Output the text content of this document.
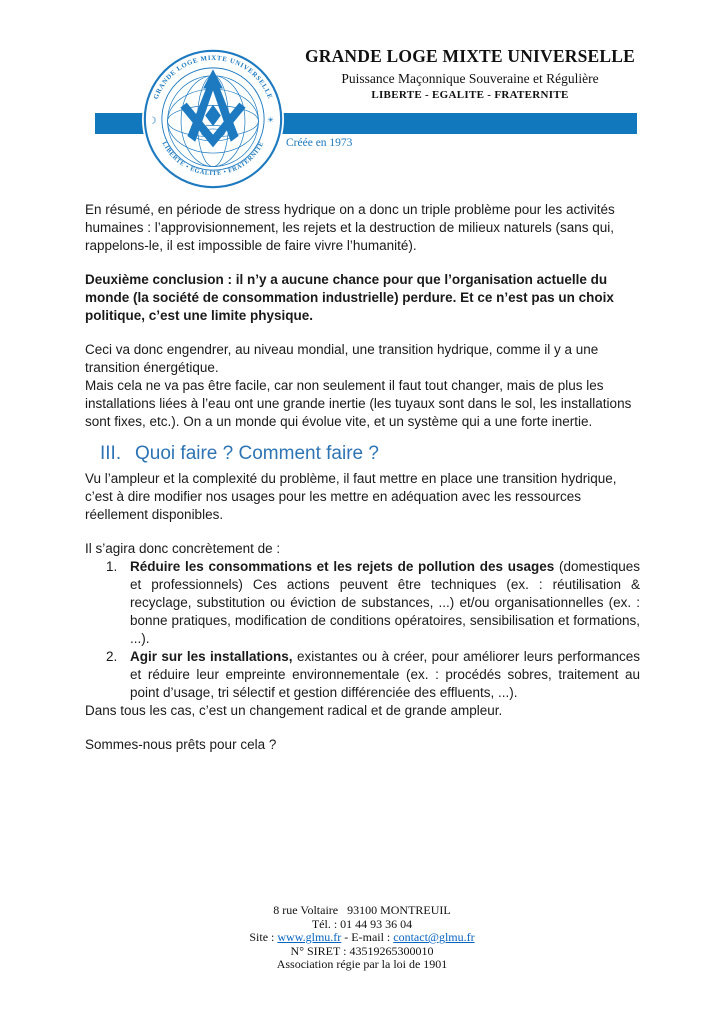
GRANDE LOGE MIXTE UNIVERSELLE
LIBERTE • EGALITE • FRATERNITE
☽	☀
GRANDE LOGE MIXTE UNIVERSELLE
Puissance Maçonnique Souveraine et Régulière
LIBERTE - EGALITE - FRATERNITE
Créée en 1973

En résumé, en période de stress hydrique on a donc un triple problème pour les activités humaines : l’approvisionnement, les rejets et la destruction de milieux naturels (sans qui, rappelons-le, il est impossible de faire vivre l’humanité).

Deuxième conclusion : il n’y a aucune chance pour que l’organisation actuelle du monde (la société de consommation industrielle) perdure. Et ce n’est pas un choix politique, c’est une limite physique.

Ceci va donc engendrer, au niveau mondial, une transition hydrique, comme il y a une transition énergétique.

Mais cela ne va pas être facile, car non seulement il faut tout changer, mais de plus les installations liées à l’eau ont une grande inertie (les tuyaux sont dans le sol, les installations sont fixes, etc.). On a un monde qui évolue vite, et un système qui a une forte inertie.

III. Quoi faire ? Comment faire ?

Vu l’ampleur et la complexité du problème, il faut mettre en place une transition hydrique, c’est à dire modifier nos usages pour les mettre en adéquation avec les ressources réellement disponibles.

Il s’agira donc concrètement de :

1. Réduire les consommations et les rejets de pollution des usages (domestiques et professionnels) Ces actions peuvent être techniques (ex. : réutilisation & recyclage, substitution ou éviction de substances, ...) et/ou organisationnelles (ex. : bonne pratiques, modification de conditions opératoires, sensibilisation et formations, ...).
2. Agir sur les installations, existantes ou à créer, pour améliorer leurs performances et réduire leur empreinte environnementale (ex. : procédés sobres, traitement au point d’usage, tri sélectif et gestion différenciée des effluents, ...).

Dans tous les cas, c’est un changement radical et de grande ampleur.

Sommes-nous prêts pour cela ?

8 rue Voltaire   93100 MONTREUIL
Tél. : 01 44 93 36 04
Site : www.glmu.fr - E-mail : contact@glmu.fr
N° SIRET : 43519265300010
Association régie par la loi de 1901
